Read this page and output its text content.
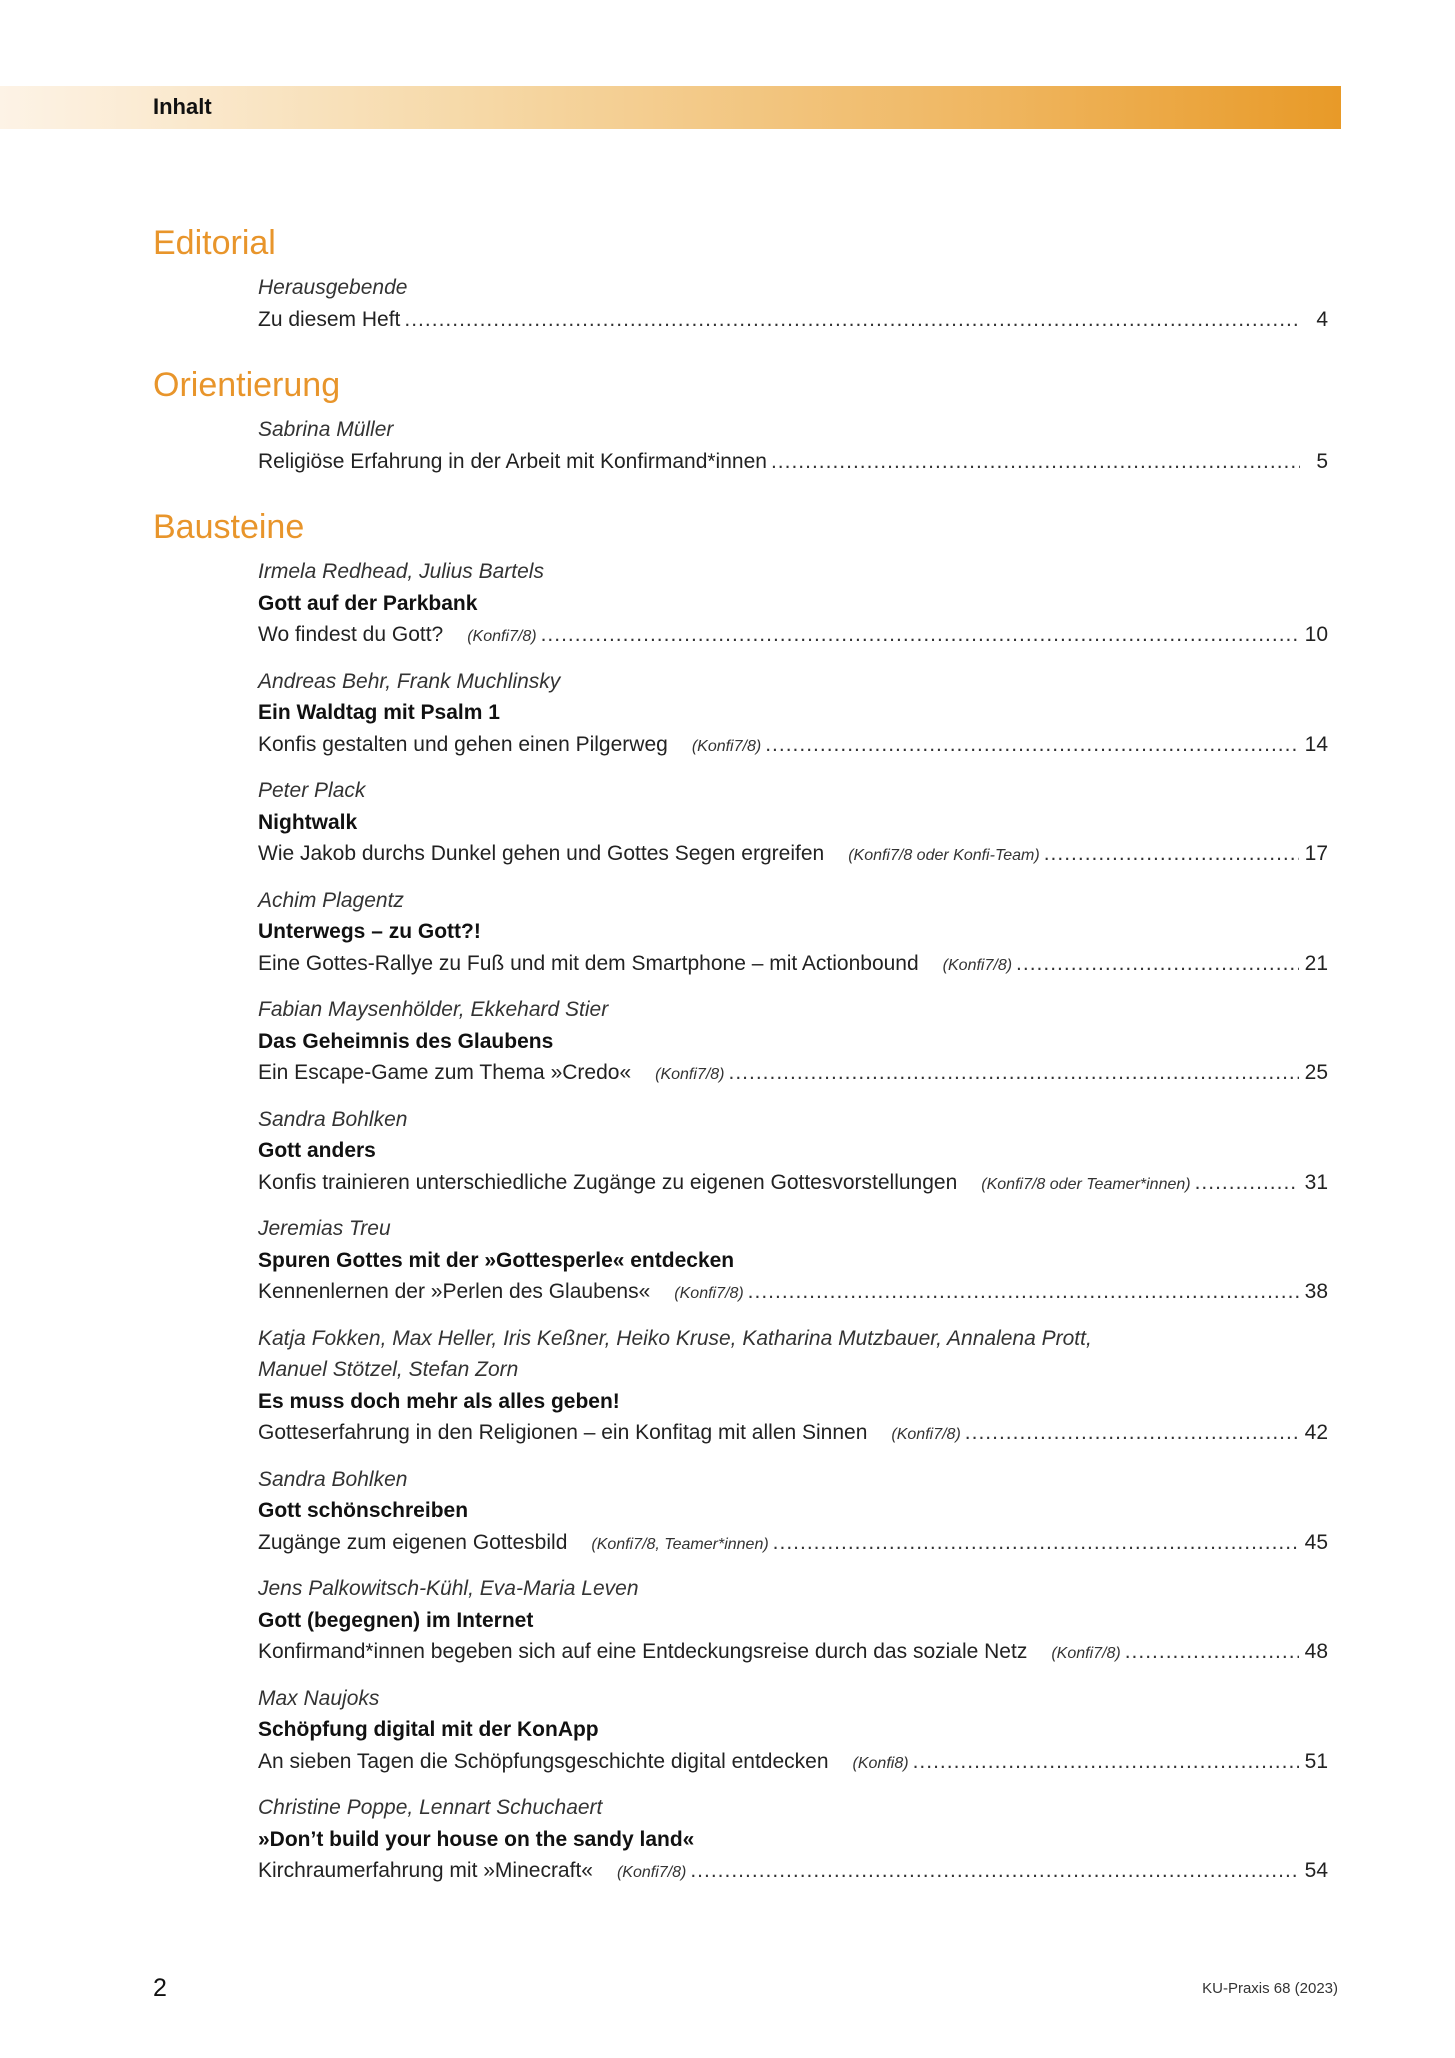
Inhalt
Editorial
Herausgebende
Zu diesem Heft .....	4
Orientierung
Sabrina Müller
Religiöse Erfahrung in der Arbeit mit Konfirmand*innen .....	5
Bausteine
Irmela Redhead, Julius Bartels
Gott auf der Parkbank
Wo findest du Gott? (Konfi7/8) .....	10
Andreas Behr, Frank Muchlinsky
Ein Waldtag mit Psalm 1
Konfis gestalten und gehen einen Pilgerweg (Konfi7/8) .....	14
Peter Plack
Nightwalk
Wie Jakob durchs Dunkel gehen und Gottes Segen ergreifen (Konfi7/8 oder Konfi-Team) .....	17
Achim Plagentz
Unterwegs – zu Gott?!
Eine Gottes-Rallye zu Fuß und mit dem Smartphone – mit Actionbound (Konfi7/8) .....	21
Fabian Maysenhölder, Ekkehard Stier
Das Geheimnis des Glaubens
Ein Escape-Game zum Thema »Credo« (Konfi7/8) .....	25
Sandra Bohlken
Gott anders
Konfis trainieren unterschiedliche Zugänge zu eigenen Gottesvorstellungen (Konfi7/8 oder Teamer*innen) .....	31
Jeremias Treu
Spuren Gottes mit der »Gottesperle« entdecken
Kennenlernen der »Perlen des Glaubens« (Konfi7/8) .....	38
Katja Fokken, Max Heller, Iris Keßner, Heiko Kruse, Katharina Mutzbauer, Annalena Prott,
Manuel Stötzel, Stefan Zorn
Es muss doch mehr als alles geben!
Gotteserfahrung in den Religionen – ein Konfitag mit allen Sinnen (Konfi7/8) .....	42
Sandra Bohlken
Gott schönschreiben
Zugänge zum eigenen Gottesbild (Konfi7/8, Teamer*innen) .....	45
Jens Palkowitsch-Kühl, Eva-Maria Leven
Gott (begegnen) im Internet
Konfirmand*innen begeben sich auf eine Entdeckungsreise durch das soziale Netz (Konfi7/8) .....	48
Max Naujoks
Schöpfung digital mit der KonApp
An sieben Tagen die Schöpfungsgeschichte digital entdecken (Konfi8) .....	51
Christine Poppe, Lennart Schuchaert
»Don’t build your house on the sandy land«
Kirchraumerfahrung mit »Minecraft« (Konfi7/8) .....	54
2	KU-Praxis 68 (2023)
